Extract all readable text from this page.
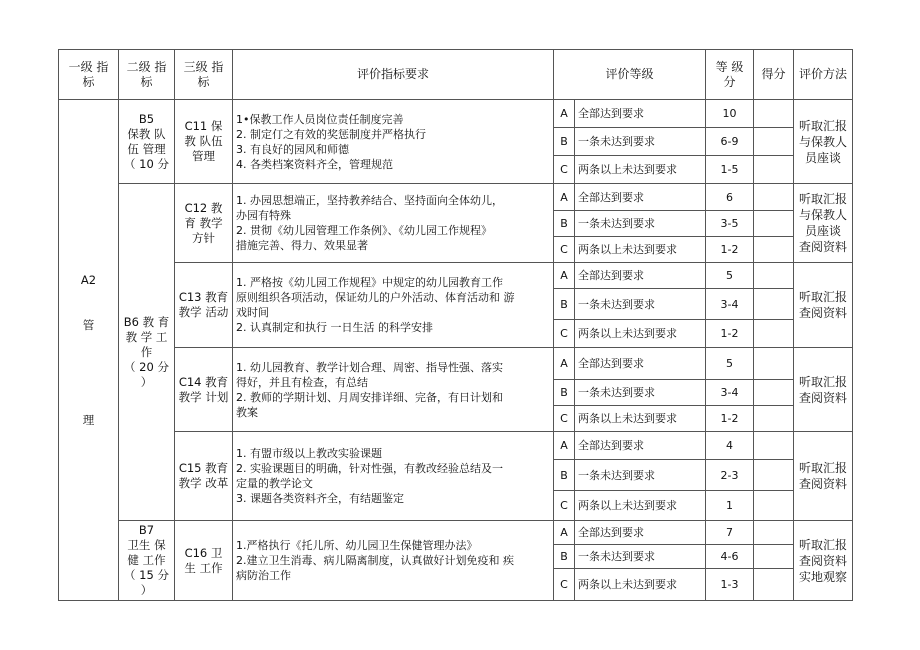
一级 指 标	二级 指 标	三级 指 标	评价指标要求	评价等级		等 级 分	得分	评价方法

A2
管
理	B5
保教 队伍 管理
（ 10 分	C11 保 教 队伍 管理	1•保教工作人员岗位责任制度完善
2. 制定仃之有效的奖惩制度并严格执行
3. 有良好的园风和师德
4. 各类档案资料齐全，管理规范	A	全部达到要求	10		听取汇报
与保教人
员座谈

				B	一条未达到要求	6-9		
				C	两条以上未达到要求	1-5		

	B6 教 育 教 学 工 作
（ 20 分 ）	C12 教 育 教学 方针	1. 办园思想端正，坚持教养结合、坚持面向全体幼儿，
办园有特殊
2. 贯彻《幼儿园管理工作条例》、《幼儿园工作规程》
措施完善、得力、效果显著	A	全部达到要求	6		听取汇报
与保教人
员座谈
查阅资料

				B	一条未达到要求	3-5		
				C	两条以上未达到要求	1-2		
		C13 教育 教学 活动	1. 严格按《幼儿园工作规程》中规定的幼儿园教育工作
原则组织各项活动，保证幼儿的户外活动、体育活动和 游
戏时间
2. 认真制定和执行 一日生活 的科学安排	A	全部达到要求	5		听取汇报
查阅资料

				B	一条未达到要求	3-4		
				C	两条以上未达到要求	1-2		
		C14 教育 教学 计划	1. 幼儿园教育、教学计划合理、周密、指导性强、落实
得好，并且有检查，有总结
2. 教师的学期计划、月周安排详细、完备，有日计划和
教案	A	全部达到要求	5		听取汇报
查阅资料

				B	一条未达到要求	3-4		
				C	两条以上未达到要求	1-2		
		C15 教育 教学 改革	1. 有盟市级以上教改实验课题
2. 实验课题目的明确，针对性强，有教改经验总结及一
定量的教学论文
3. 课题各类资料齐全，有结题鉴定	A	全部达到要求	4		听取汇报
查阅资料

				B	一条未达到要求	2-3		
				C	两条以上未达到要求	1		

	B7
卫生 保 健 工作
（ 15 分 ）	C16 卫 生 工作	1.严格执行《托儿所、幼儿园卫生保健管理办法》
2.建立卫生消毒、病儿隔离制度，认真做好计划免疫和 疾
病防治工作	A	全部达到要求	7		听取汇报
查阅资料
实地观察

				B	一条未达到要求	4-6		
				C	两条以上未达到要求	1-3		
